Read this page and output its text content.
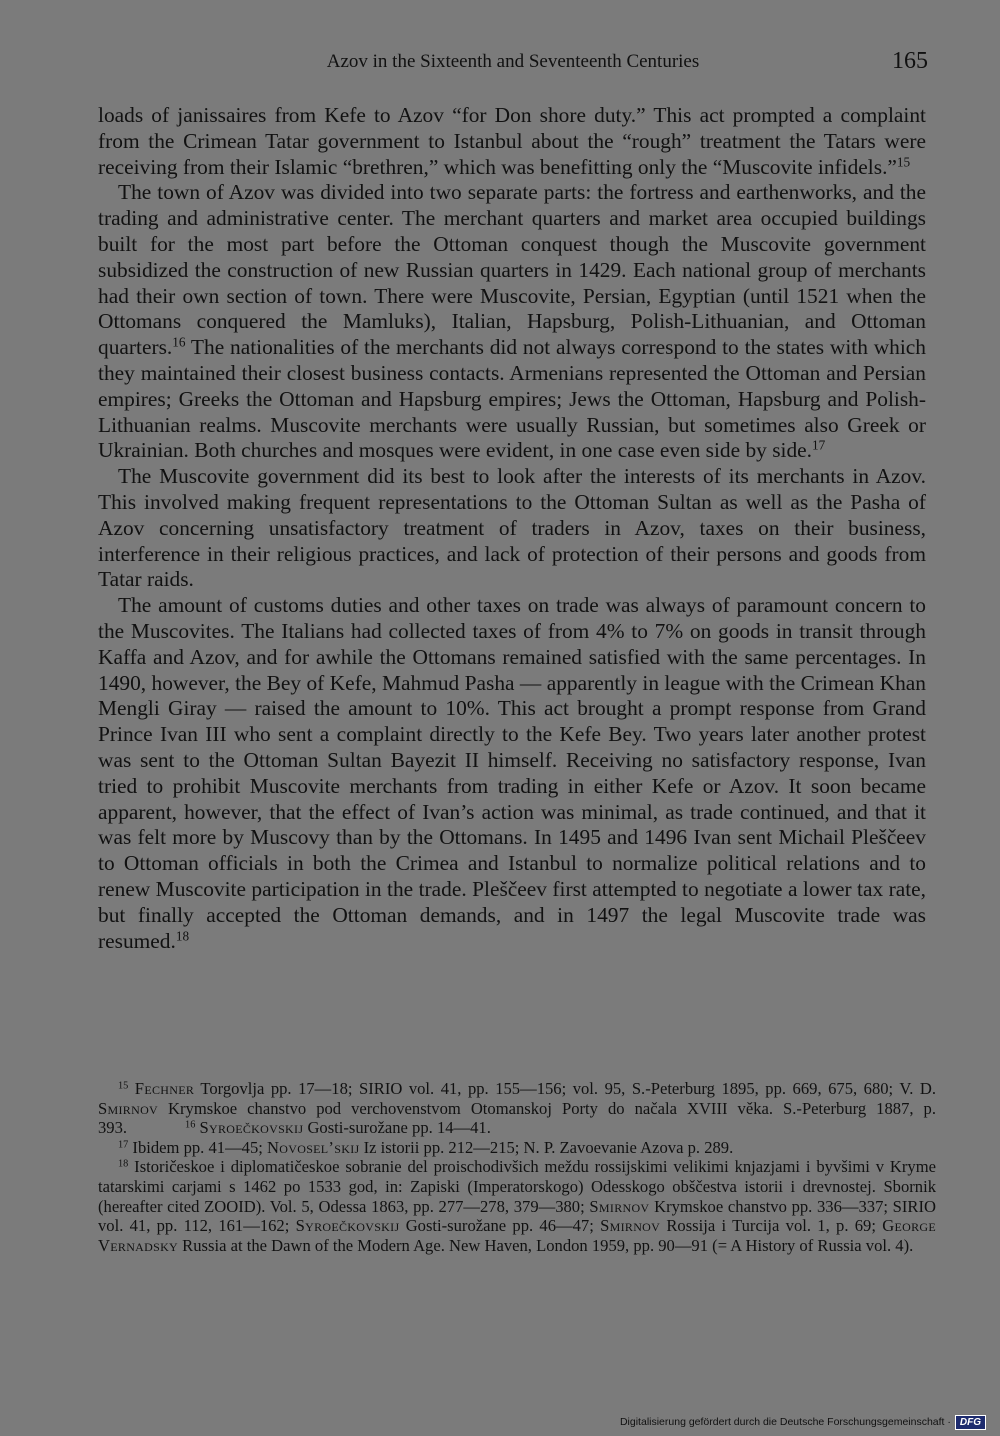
Azov in the Sixteenth and Seventeenth Centuries	165

loads of janissaires from Kefe to Azov “for Don shore duty.” This act prompted a complaint from the Crimean Tatar government to Istanbul about the “rough” treatment the Tatars were receiving from their Islamic “brethren,” which was benefitting only the “Muscovite infidels.”$^{15}$

The town of Azov was divided into two separate parts: the fortress and earthenworks, and the trading and administrative center. The merchant quarters and market area occupied buildings built for the most part before the Ottoman conquest though the Muscovite government subsidized the construction of new Russian quarters in 1429. Each national group of merchants had their own section of town. There were Muscovite, Persian, Egyptian (until 1521 when the Ottomans conquered the Mamluks), Italian, Hapsburg, Polish-Lithuanian, and Ottoman quarters.$^{16}$ The nationalities of the merchants did not always correspond to the states with which they maintained their closest business contacts. Armenians represented the Ottoman and Persian empires; Greeks the Ottoman and Hapsburg empires; Jews the Ottoman, Hapsburg and Polish-Lithuanian realms. Muscovite merchants were usually Russian, but sometimes also Greek or Ukrainian. Both churches and mosques were evident, in one case even side by side.$^{17}$

The Muscovite government did its best to look after the interests of its merchants in Azov. This involved making frequent representations to the Ottoman Sultan as well as the Pasha of Azov concerning unsatisfactory treatment of traders in Azov, taxes on their business, interference in their religious practices, and lack of protection of their persons and goods from Tatar raids.

The amount of customs duties and other taxes on trade was always of paramount concern to the Muscovites. The Italians had collected taxes of from 4% to 7% on goods in transit through Kaffa and Azov, and for awhile the Ottomans remained satisfied with the same percentages. In 1490, however, the Bey of Kefe, Mahmud Pasha — apparently in league with the Crimean Khan Mengli Giray — raised the amount to 10%. This act brought a prompt response from Grand Prince Ivan III who sent a complaint directly to the Kefe Bey. Two years later another protest was sent to the Ottoman Sultan Bayezit II himself. Receiving no satisfactory response, Ivan tried to prohibit Muscovite merchants from trading in either Kefe or Azov. It soon became apparent, however, that the effect of Ivan’s action was minimal, as trade continued, and that it was felt more by Muscovy than by the Ottomans. In 1495 and 1496 Ivan sent Michail Pleščeev to Ottoman officials in both the Crimea and Istanbul to normalize political relations and to renew Muscovite participation in the trade. Pleščeev first attempted to negotiate a lower tax rate, but finally accepted the Ottoman demands, and in 1497 the legal Muscovite trade was resumed.$^{18}$

$^{15}$ Fechner Torgovlja pp. 17—18; SIRIO vol. 41, pp. 155—156; vol. 95, S.-Peterburg 1895, pp. 669, 675, 680; V. D. Smirnov Krymskoe chanstvo pod verchovenstvom Otomanskoj Porty do načala XVIII věka. S.-Peterburg 1887, p. 393.	$^{16}$ Syroečkovskij Gosti-surožane pp. 14—41.

$^{17}$ Ibidem pp. 41—45; Novosel’skij Iz istorii pp. 212—215; N. P. Zavoevanie Azova p. 289.

$^{18}$ Istoričeskoe i diplomatičeskoe sobranie del proischodivšich meždu rossijskimi velikimi knjazjami i byvšimi v Kryme tatarskimi carjami s 1462 po 1533 god, in: Zapiski (Imperatorskogo) Odesskogo obščestva istorii i drevnostej. Sbornik (hereafter cited ZOOID). Vol. 5, Odessa 1863, pp. 277—278, 379—380; Smirnov Krymskoe chanstvo pp. 336—337; SIRIO vol. 41, pp. 112, 161—162; Syroečkovskij Gosti-surožane pp. 46—47; Smirnov Rossija i Turcija vol. 1, p. 69; George Vernadsky Russia at the Dawn of the Modern Age. New Haven, London 1959, pp. 90—91 (= A History of Russia vol. 4).

Digitalisierung gefördert durch die Deutsche Forschungsgemeinschaft · DFG
